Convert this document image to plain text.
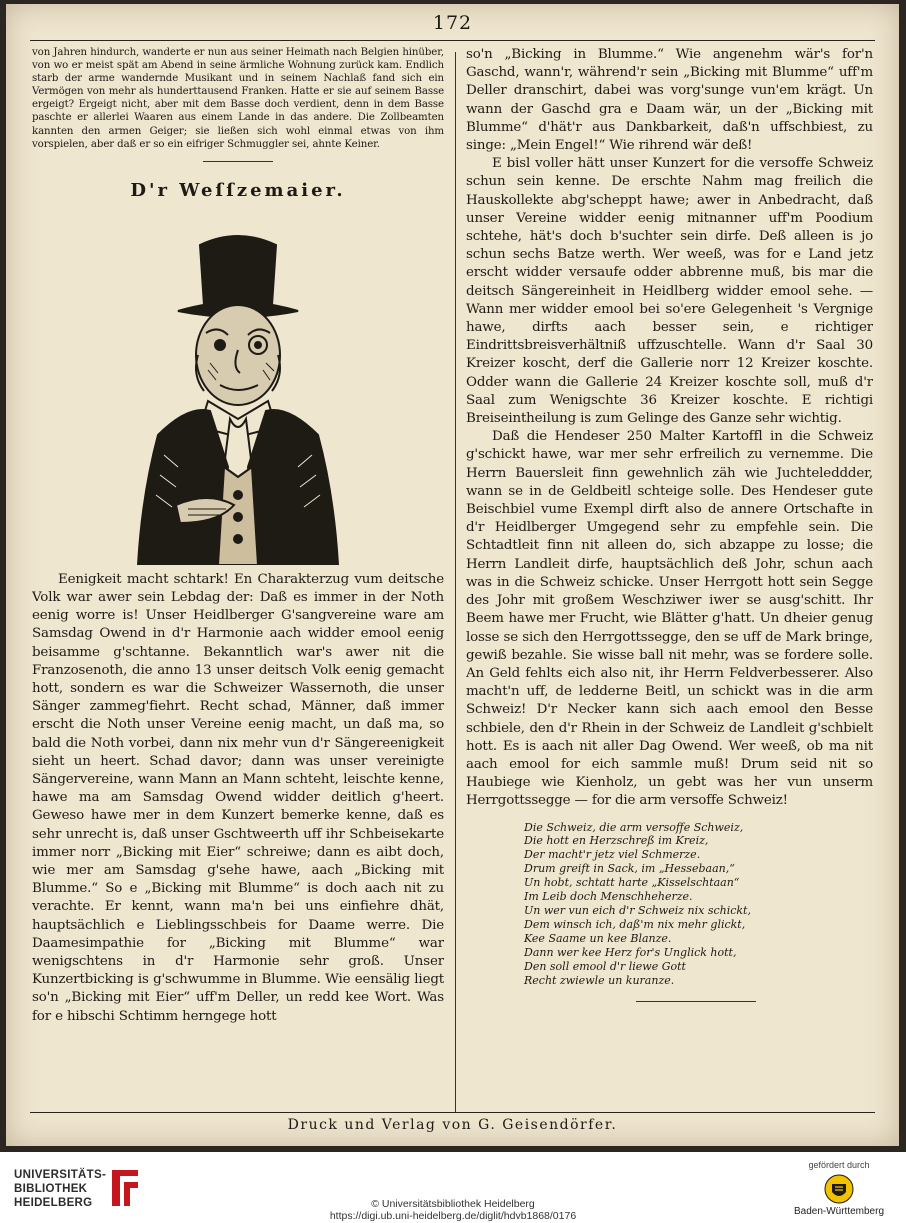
172

von Jahren hindurch, wanderte er nun aus seiner Heimath nach Belgien hinüber, von wo er meist spät am Abend in seine ärmliche Wohnung zurück kam. Endlich starb der arme wandernde Musikant und in seinem Nachlaß fand sich ein Vermögen von mehr als hunderttausend Franken. Hatte er sie auf seinem Basse ergeigt? Ergeigt nicht, aber mit dem Basse doch verdient, denn in dem Basse paschte er allerlei Waaren aus einem Lande in das andere. Die Zollbeamten kannten den armen Geiger; sie ließen sich wohl einmal etwas von ihm vorspielen, aber daß er so ein eifriger Schmuggler sei, ahnte Keiner.

D'r Weſſzemaier.

Eenigkeit macht schtark! En Charakterzug vum deitsche Volk war awer sein Lebdag der: Daß es immer in der Noth eenig worre is! Unser Heidlberger G'sangvereine ware am Samsdag Owend in d'r Harmonie aach widder emool eenig beisamme g'schtanne. Bekanntlich war's awer nit die Franzosenoth, die anno 13 unser deitsch Volk eenig gemacht hott, sondern es war die Schweizer Wassernoth, die unser Sänger zammeg'fiehrt. Recht schad, Männer, daß immer erscht die Noth unser Vereine eenig macht, un daß ma, so bald die Noth vorbei, dann nix mehr vun d'r Sängereenigkeit sieht un heert. Schad davor; dann was unser vereinigte Sängervereine, wann Mann an Mann schteht, leischte kenne, hawe ma am Samsdag Owend widder deitlich g'heert. Geweso hawe mer in dem Kunzert bemerke kenne, daß es sehr unrecht is, daß unser Gschtweerth uff ihr Schbeisekarte immer norr „Bicking mit Eier“ schreiwe; dann es aibt doch, wie mer am Samsdag g'sehe hawe, aach „Bicking mit Blumme.“ So e „Bicking mit Blumme“ is doch aach nit zu verachte. Er kennt, wann ma'n bei uns einfiehre dhät, hauptsächlich e Lieblingsschbeis for Daame werre. Die Daamesimpathie for „Bicking mit Blumme“ war wenigschtens in d'r Harmonie sehr groß. Unser Kunzertbicking is g'schwumme in Blumme. Wie eensälig liegt so'n „Bicking mit Eier“ uff'm Deller, un redd kee Wort. Was for e hibschi Schtimm herngege hott

so'n „Bicking in Blumme.“ Wie angenehm wär's for'n Gaschd, wann'r, während'r sein „Bicking mit Blumme“ uff'm Deller dranschirt, dabei was vorg'sunge vun'em krägt. Un wann der Gaschd gra e Daam wär, un der „Bicking mit Blumme“ d'hät'r aus Dankbarkeit, daß'n uffschbiest, zu singe: „Mein Engel!“ Wie rihrend wär deß!

E bisl voller hätt unser Kunzert for die versoffe Schweiz schun sein kenne. De erschte Nahm mag freilich die Hauskollekte abg'scheppt hawe; awer in Anbedracht, daß unser Vereine widder eenig mitnanner uff'm Poodium schtehe, hät's doch b'suchter sein dirfe. Deß alleen is jo schun sechs Batze werth. Wer weeß, was for e Land jetz erscht widder versaufe odder abbrenne muß, bis mar die deitsch Sängereinheit in Heidlberg widder emool sehe. — Wann mer widder emool bei so'ere Gelegenheit 's Vergnige hawe, dirfts aach besser sein, e richtiger Eindrittsbreisverhältniß uffzuschtelle. Wann d'r Saal 30 Kreizer koscht, derf die Gallerie norr 12 Kreizer koschte. Odder wann die Gallerie 24 Kreizer koschte soll, muß d'r Saal zum Wenigschte 36 Kreizer koschte. E richtigi Breiseintheilung is zum Gelinge des Ganze sehr wichtig.

Daß die Hendeser 250 Malter Kartoffl in die Schweiz g'schickt hawe, war mer sehr erfreilich zu vernemme. Die Herrn Bauersleit finn gewehnlich zäh wie Juchteleddder, wann se in de Geldbeitl schteige solle. Des Hendeser gute Beischbiel vume Exempl dirft also de annere Ortschafte in d'r Heidlberger Umgegend sehr zu empfehle sein. Die Schtadtleit finn nit alleen do, sich abzappe zu losse; die Herrn Landleit dirfe, hauptsächlich deß Johr, schun aach was in die Schweiz schicke. Unser Herrgott hott sein Segge des Johr mit großem Weschziwer iwer se ausg'schitt. Ihr Beem hawe mer Frucht, wie Blätter g'hatt. Un dheier genug losse se sich den Herrgottssegge, den se uff de Mark bringe, gewiß bezahle. Sie wisse ball nit mehr, was se fordere solle. An Geld fehlts eich also nit, ihr Herrn Feldverbesserer. Also macht'n uff, de ledderne Beitl, un schickt was in die arm Schweiz! D'r Necker kann sich aach emool den Besse schbiele, den d'r Rhein in der Schweiz de Landleit g'schbielt hott. Es is aach nit aller Dag Owend. Wer weeß, ob ma nit aach emool for eich sammle muß! Drum seid nit so Haubiege wie Kienholz, un gebt was her vun unserm Herrgottssegge — for die arm versoffe Schweiz!

Die Schweiz, die arm versoffe Schweiz,
Die hott en Herzschreß im Kreiz,
Der macht'r jetz viel Schmerze.
Drum greift in Sack, im „Hessebaan,“
Un hobt, schtatt harte „Kisselschtaan“
Im Leib doch Menschheherze.
Un wer vun eich d'r Schweiz nix schickt,
Dem winsch ich, daß'm nix mehr glickt,
Kee Saame un kee Blanze.
Dann wer kee Herz for's Unglick hott,
Den soll emool d'r liewe Gott
Recht zwiewle un kuranze.
Druck und Verlag von G. Geisendörfer.
UNIVERSITÄTS-
BIBLIOTHEK
HEIDELBERG	© Universitätsbibliothek Heidelberg
https://digi.ub.uni-heidelberg.de/diglit/hdvb1868/0176
gefördert durch
Baden-Württemberg
